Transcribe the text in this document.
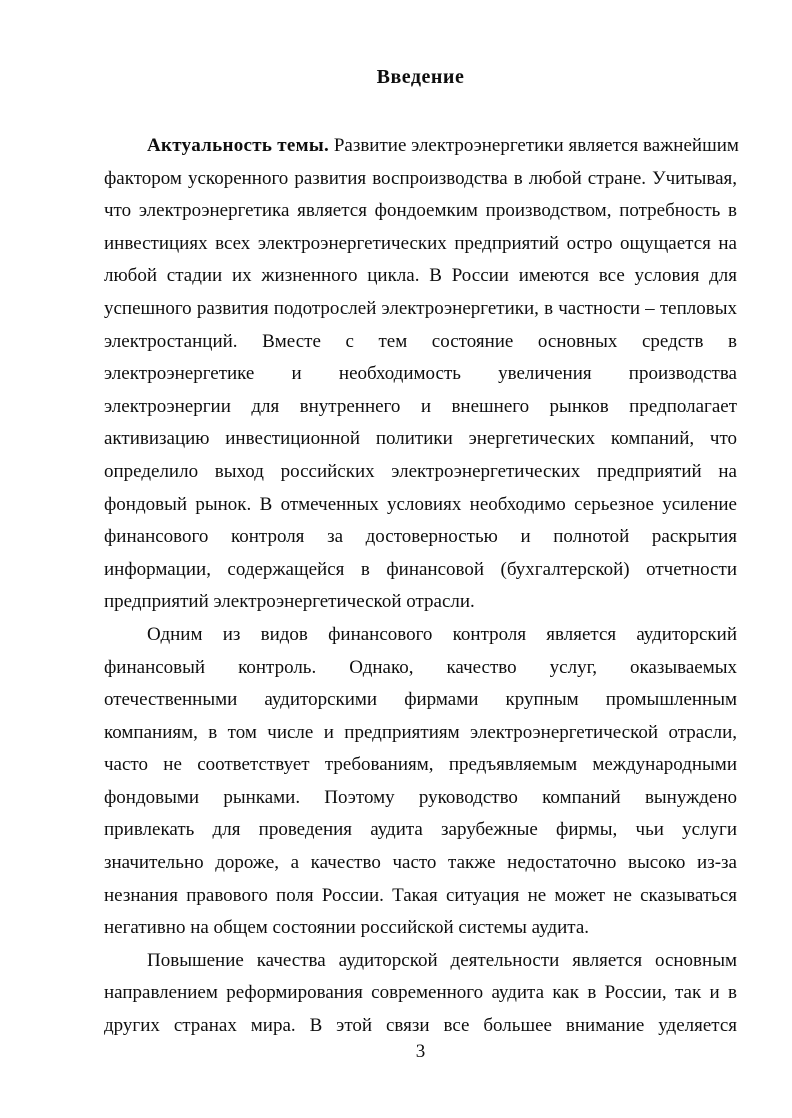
Введение
Актуальность темы. Развитие электроэнергетики является важнейшим
фактором ускоренного развития воспроизводства в любой стране. Учитывая,
что электроэнергетика является фондоемким производством, потребность в
инвестициях всех электроэнергетических предприятий остро ощущается на
любой стадии их жизненного цикла. В России имеются все условия для
успешного развития подотрослей электроэнергетики, в частности – тепловых
электростанций. Вместе с тем состояние основных средств в
электроэнергетике и необходимость увеличения производства
электроэнергии для внутреннего и внешнего рынков предполагает
активизацию инвестиционной политики энергетических компаний, что
определило выход российских электроэнергетических предприятий на
фондовый рынок. В отмеченных условиях необходимо серьезное усиление
финансового контроля за достоверностью и полнотой раскрытия
информации, содержащейся в финансовой (бухгалтерской) отчетности
предприятий электроэнергетической отрасли.
Одним из видов финансового контроля является аудиторский
финансовый контроль. Однако, качество услуг, оказываемых
отечественными аудиторскими фирмами крупным промышленным
компаниям, в том числе и предприятиям электроэнергетической отрасли,
часто не соответствует требованиям, предъявляемым международными
фондовыми рынками. Поэтому руководство компаний вынуждено
привлекать для проведения аудита зарубежные фирмы, чьи услуги
значительно дороже, а качество часто также недостаточно высоко из-за
незнания правового поля России. Такая ситуация не может не сказываться
негативно на общем состоянии российской системы аудита.
Повышение качества аудиторской деятельности является основным
направлением реформирования современного аудита как в России, так и в
других странах мира. В этой связи все большее внимание уделяется
3
